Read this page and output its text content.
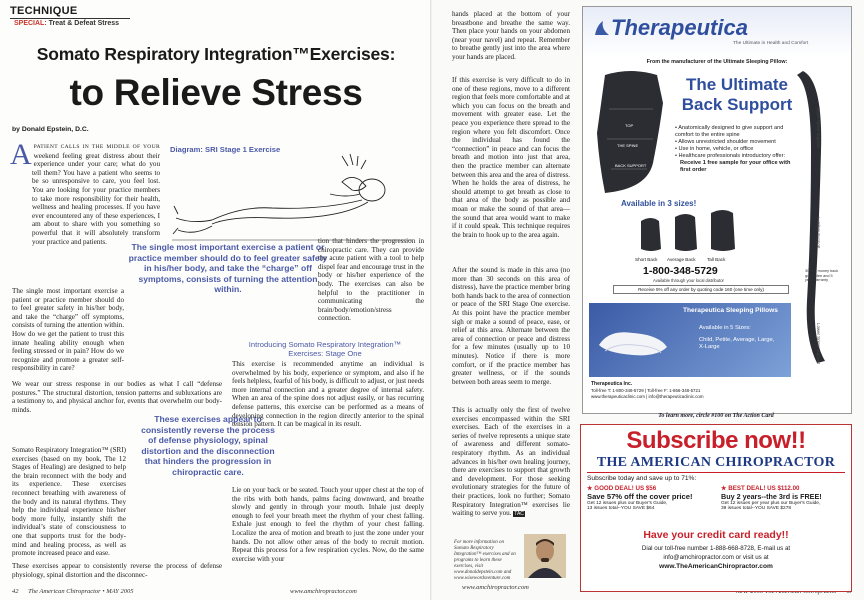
TECHNIQUE
SPECIAL: Treat & Defeat Stress
Somato Respiratory Integration™Exercises:
to Relieve Stress
by Donald Epstein, D.C.
A PATIENT CALLS IN THE MIDDLE OF YOUR weekend feeling great distress about their experience under your care; what do you tell them? You have a patient who seems to be so unresponsive to care, you feel lost. You are looking for your practice members to take more responsibility for their health, wellness and healing processes. If you have ever encountered any of these experiences, I am about to share with you something so powerful that it will absolutely transform your practice and patients.
Diagram: SRI Stage 1 Exercise
The single most important exercise a patient or practice member should do to feel greater safety in his/her body, and take the “charge” off symptoms, consists of turning the attention within.
The single most important exercise a patient or practice member should do to feel greater safety in his/her body, and take the “charge” off symptoms, consists of turning the attention within. How do we get the patient to trust this innate healing ability enough when feeling stressed or in pain? How do we recognize and promote a greater self-responsibility in care?
tion that hinders the progression in chiropractic care. They can provide the acute patient with a tool to help dispel fear and encourage trust in the body or his/her experience of the body. The exercises can also be helpful to the practitioner in communicating the brain/body/emotion/stress connection.
We wear our stress response in our bodies as what I call “defense postures.” The structural distortion, tension patterns and subluxations are a testimony to, and physical anchor for, events that overwhelm our body-minds.
These exercises appear to consistently reverse the process of defense physiology, spinal distortion and the disconnection that hinders the progression in chiropractic care.
Somato Respiratory Integration™ (SRI) exercises (based on my book, The 12 Stages of Healing) are designed to help the brain reconnect with the body and its experience. These exercises reconnect breathing with awareness of the body and its natural rhythms. They help the individual experience his/her body more fully, instantly shift the individual’s state of consciousness to one that supports trust for the body-mind and healing process, as well as promote increased peace and ease.
These exercises appear to consistently reverse the process of defense physiology, spinal distortion and the disconnec-
Introducing Somato Respiratory Integration™ Exercises: Stage One
This exercise is recommended anytime an individual is overwhelmed by his body, experience or symptom, and also if he feels helpless, fearful of his body, is difficult to adjust, or just needs more internal connection and a greater degree of internal safety. When an area of the spine does not adjust easily, or has recurring defense patterns, this exercise can be performed as a means of developing connection in the region directly anterior to the spinal tension pattern. It can be magical in its result.
Lie on your back or be seated. Touch your upper chest at the top of the ribs with both hands, palms facing downward, and breathe slowly and gently in through your mouth. Inhale just deeply enough to feel your breath meet the rhythm of your chest falling. Exhale just enough to feel the rhythm of your chest falling. Localize the area of motion and breath to just the zone under your hands. Do not allow other areas of the body to recruit motion. Repeat this process for a few respiration cycles. Now, do the same exercise with your
42 The American Chiropractor • MAY 2005	www.amchiropractor.com
hands placed at the bottom of your breastbone and breathe the same way. Then place your hands on your abdomen (near your navel) and repeat. Remember to breathe gently just into the area where your hands are placed.
If this exercise is very difficult to do in one of these regions, move to a different region that feels more comfortable and at which you can focus on the breath and movement with greater ease. Let the peace you experience there spread to the region where you felt discomfort. Once the individual has found the “connection” in peace and can focus the breath and motion into just that area, then the practice member can alternate between this area and the area of distress. When he holds the area of distress, he should attempt to get breath as close to that area of the body as possible and moan or make the sound of that area—the sound that area would want to make if it could speak. This technique requires the brain to hook up to the area again.
After the sound is made in this area (no more than 30 seconds on this area of distress), have the practice member bring both hands back to the area of connection or peace of the SRI Stage One exercise. At this point have the practice member sigh or make a sound of peace, ease, or relief at this area. Alternate between the area of connection or peace and distress for a few minutes (usually up to 10 minutes). Notice if there is more comfort, or if the practice member has greater wellness, or if the sounds between both areas seem to merge.
This is actually only the first of twelve exercises encompassed within the SRI exercises. Each of the exercises in a series of twelve represents a unique state of awareness and different somato-respiratory rhythm. As an individual advances in his/her own healing journey, there are exercises to support that growth and development. For those seeking evolutionary strategies for the future of their practices, look no further; Somato Respiratory Integration™ exercises lie waiting to serve you. TAC
For more information on Somato Respiratory Integration™ exercises and on programs to learn these exercises, visit www.donaldepstein.com and www.wisewordsventure.com
www.amchiropractor.com
Therapeutica
The Ultimate in Health and Comfort
From the manufacturer of the Ultimate Sleeping Pillow:
TOP
THE SPINE
BACK SUPPORT
The Ultimate
Back Support
Upper Spine Support
Lumbar Support
Lower Spine Support
30-day money back guarantee and 5 year warranty
• Anatomically designed to give support and comfort to the entire spine
• Allows unrestricted shoulder movement
• Use in home, vehicle, or office
• Healthcare professionals introductory offer:
Receive 1 free sample for your office with first order
Available in 3 sizes!
Short Back Average Back Tall Back
1-800-348-5729
Available through your local distributor
Receive 5% off any order by quoting code 160 (one time only)
Therapeutica Sleeping Pillows
Available in 5 Sizes:
Child, Petite, Average, Large, X-Large
Therapeutica Inc.
Toll-free T: 1-800-348-5729 | Toll-free F: 1-866-348-5721
www.therapeuticaclinic.com | info@therapeuticaclinic.com
To learn more, circle #100 on The Action Card
Subscribe now!!
THE AMERICAN CHIROPRACTOR
Subscribe today and save up to 71%:
★ GOOD DEAL! US $56
Save 57% off the cover price!
Get 12 issues plus our Buyer's Guide,
13 issues total--YOU SAVE $64
★ BEST DEAL! US $112.00
Buy 2 years--the 3rd is FREE!
Get 12 issues per year plus our Buyer's Guide,
39 issues total--YOU SAVE $278
Have your credit card ready!!
Dial our toll-free number 1-888-668-8728, E-mail us at
info@amchiropractor.com or visit us at
www.TheAmericanChiropractor.com
